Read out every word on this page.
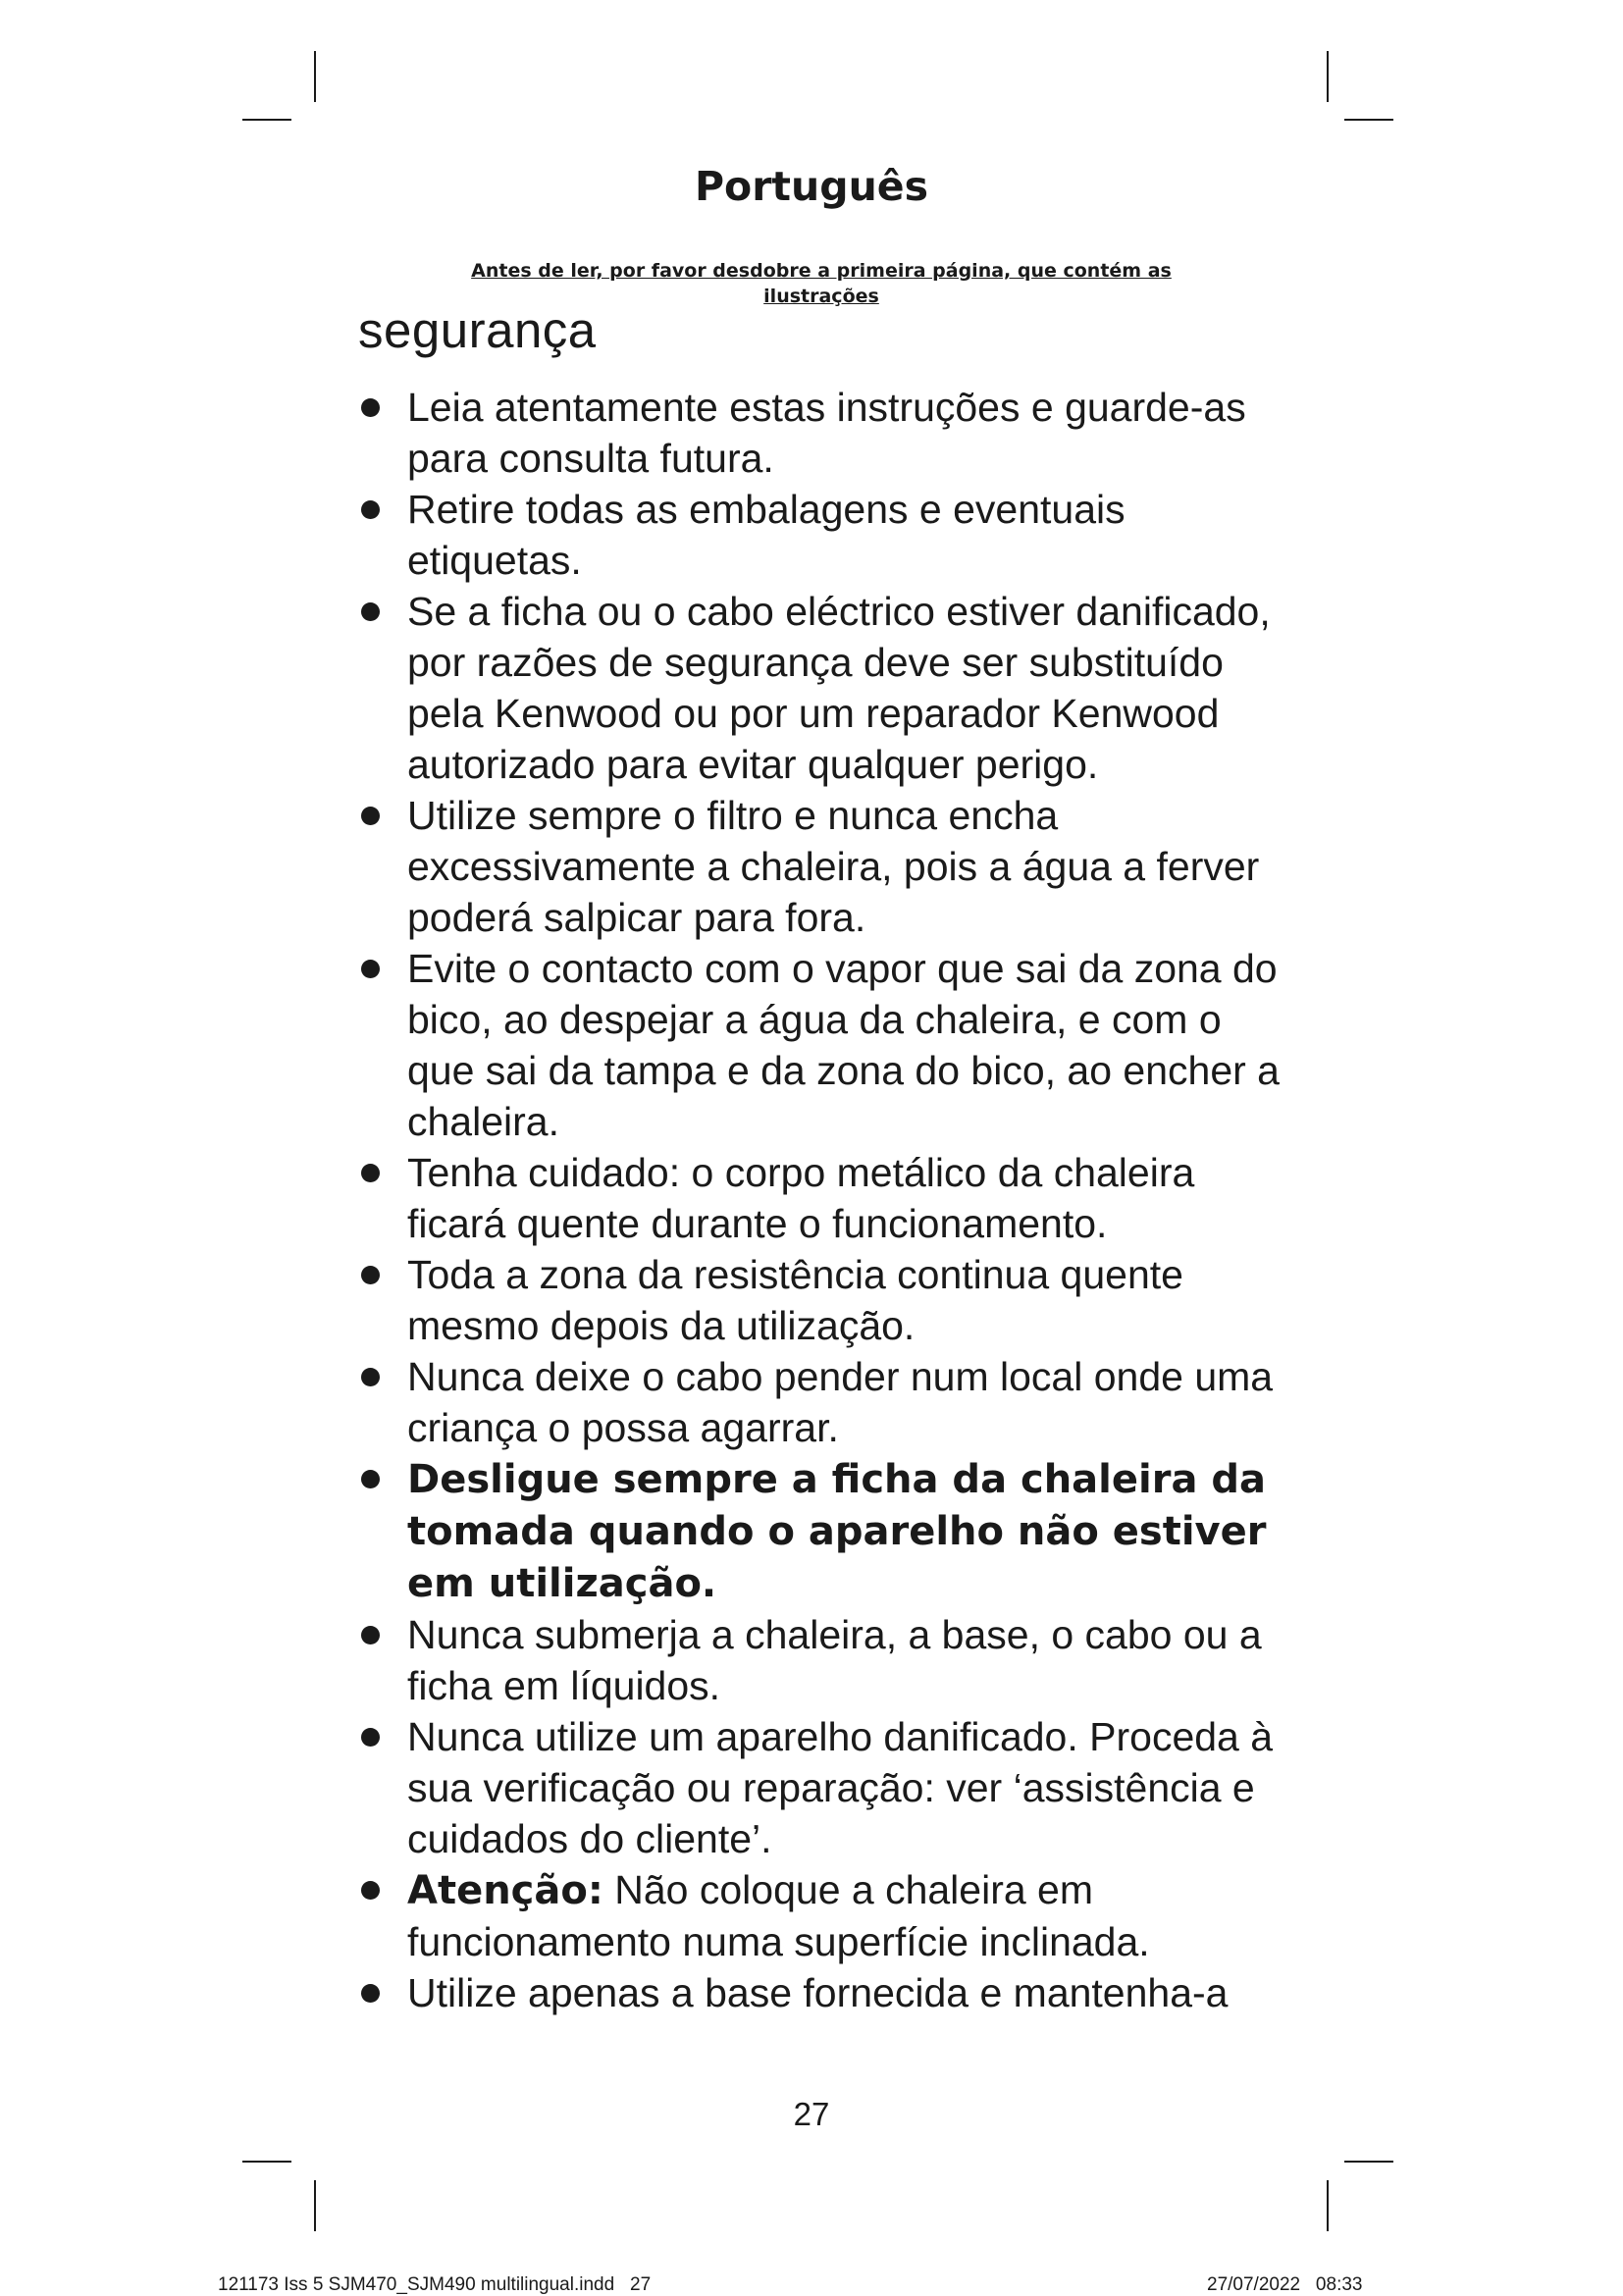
Português

Antes de ler, por favor desdobre a primeira página, que contém as ilustrações

segurança
Leia atentamente estas instruções e guarde-as para consulta futura.
Retire todas as embalagens e eventuais etiquetas.
Se a ficha ou o cabo eléctrico estiver danificado, por razões de segurança deve ser substituído pela Kenwood ou por um reparador Kenwood autorizado para evitar qualquer perigo.
Utilize sempre o filtro e nunca encha excessivamente a chaleira, pois a água a ferver poderá salpicar para fora.
Evite o contacto com o vapor que sai da zona do bico, ao despejar a água da chaleira, e com o que sai da tampa e da zona do bico, ao encher a chaleira.
Tenha cuidado: o corpo metálico da chaleira ficará quente durante o funcionamento.
Toda a zona da resistência continua quente mesmo depois da utilização.
Nunca deixe o cabo pender num local onde uma criança o possa agarrar.
Desligue sempre a ficha da chaleira da tomada quando o aparelho não estiver em utilização.
Nunca submerja a chaleira, a base, o cabo ou a ficha em líquidos.
Nunca utilize um aparelho danificado. Proceda à sua verificação ou reparação: ver ‘assistência e cuidados do cliente’.
Atenção: Não coloque a chaleira em funcionamento numa superfície inclinada.
Utilize apenas a base fornecida e mantenha-a
27
121173 Iss 5 SJM470_SJM490 multilingual.indd   27	27/07/2022   08:33
